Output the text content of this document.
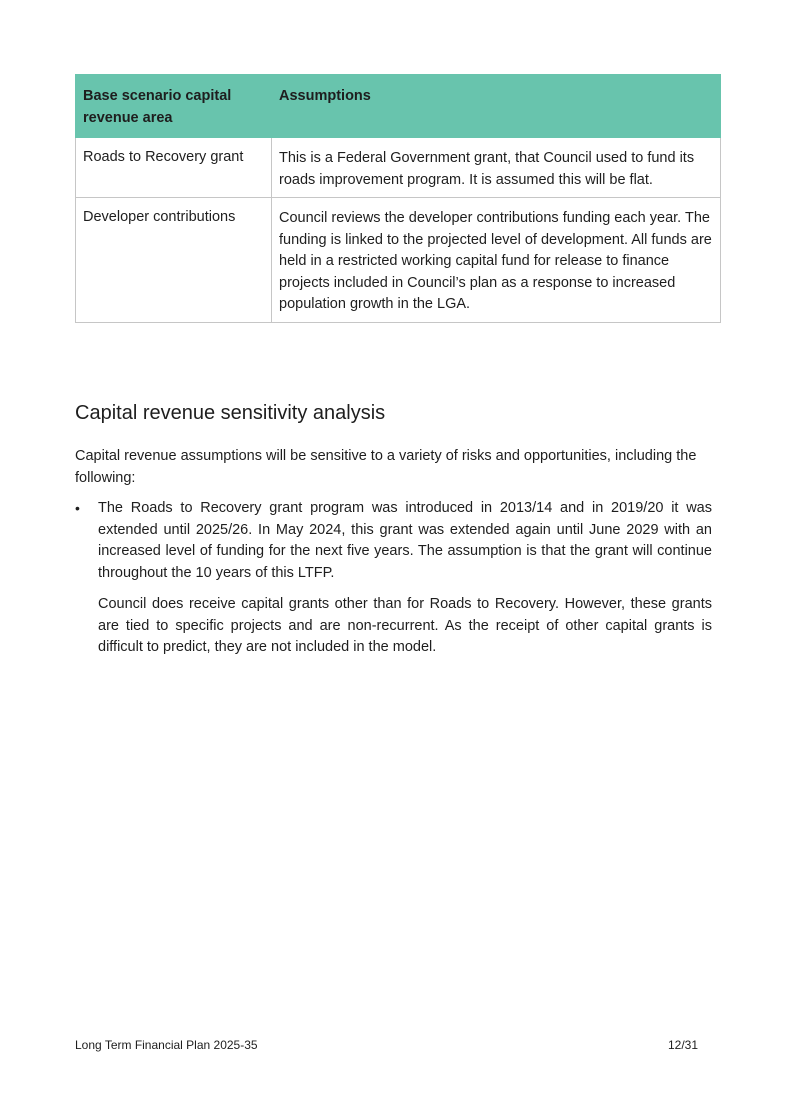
Base scenario capital revenue area	Assumptions
Roads to Recovery grant	This is a Federal Government grant, that Council used to fund its roads improvement program. It is assumed this will be flat.
Developer contributions	Council reviews the developer contributions funding each year. The funding is linked to the projected level of development. All funds are held in a restricted working capital fund for release to finance projects included in Council’s plan as a response to increased population growth in the LGA.
Capital revenue sensitivity analysis

Capital revenue assumptions will be sensitive to a variety of risks and opportunities, including the following:

•	The Roads to Recovery grant program was introduced in 2013/14 and in 2019/20 it was extended until 2025/26. In May 2024, this grant was extended again until June 2029 with an increased level of funding for the next five years. The assumption is that the grant will continue throughout the 10 years of this LTFP.

Council does receive capital grants other than for Roads to Recovery. However, these grants are tied to specific projects and are non-recurrent. As the receipt of other capital grants is difficult to predict, they are not included in the model.

Long Term Financial Plan 2025-35	12/31
